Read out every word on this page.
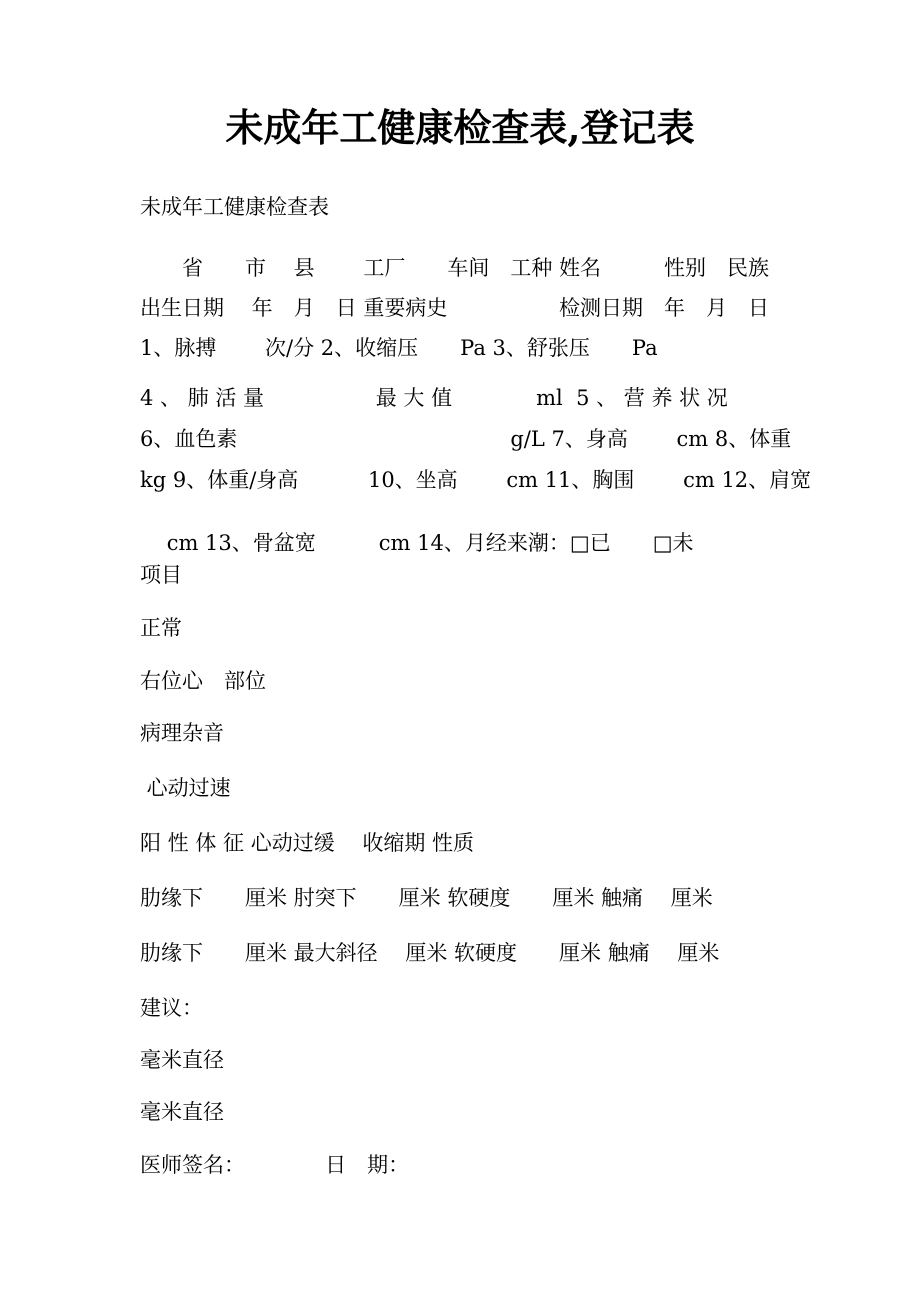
未成年工健康检查表,登记表
未成年工健康检查表
　　省　　市　 县　　 工厂　　车间　工种 姓名　　　性别　民族
出生日期　 年　月　日 重要病史　　　　　 检测日期　年　月　日
1、脉搏　　 次/分 2、收缩压　　Pa 3、舒张压　　Pa
4 、 肺 活 量　　　　　 最 大 值　　　　ml  5 、 营 养 状 况
6、血色素　　　　　　　　　　　　　g/L 7、身高　　 cm 8、体重
kg 9、体重/身高　　　 10、坐高　　 cm 11、胸围　　 cm 12、肩宽

cm 13、骨盆宽　　　cm 14、月经来潮：□已 □未

项目
正常
右位心　部位
病理杂音
心动过速
阳 性 体 征 心动过缓　 收缩期 性质
肋缘下　　厘米 肘突下　　厘米 软硬度　　厘米 触痛　 厘米
肋缘下　　厘米 最大斜径　 厘米 软硬度　　厘米 触痛　 厘米
建议：
毫米直径
毫米直径
医师签名：　　　　 日　期：
